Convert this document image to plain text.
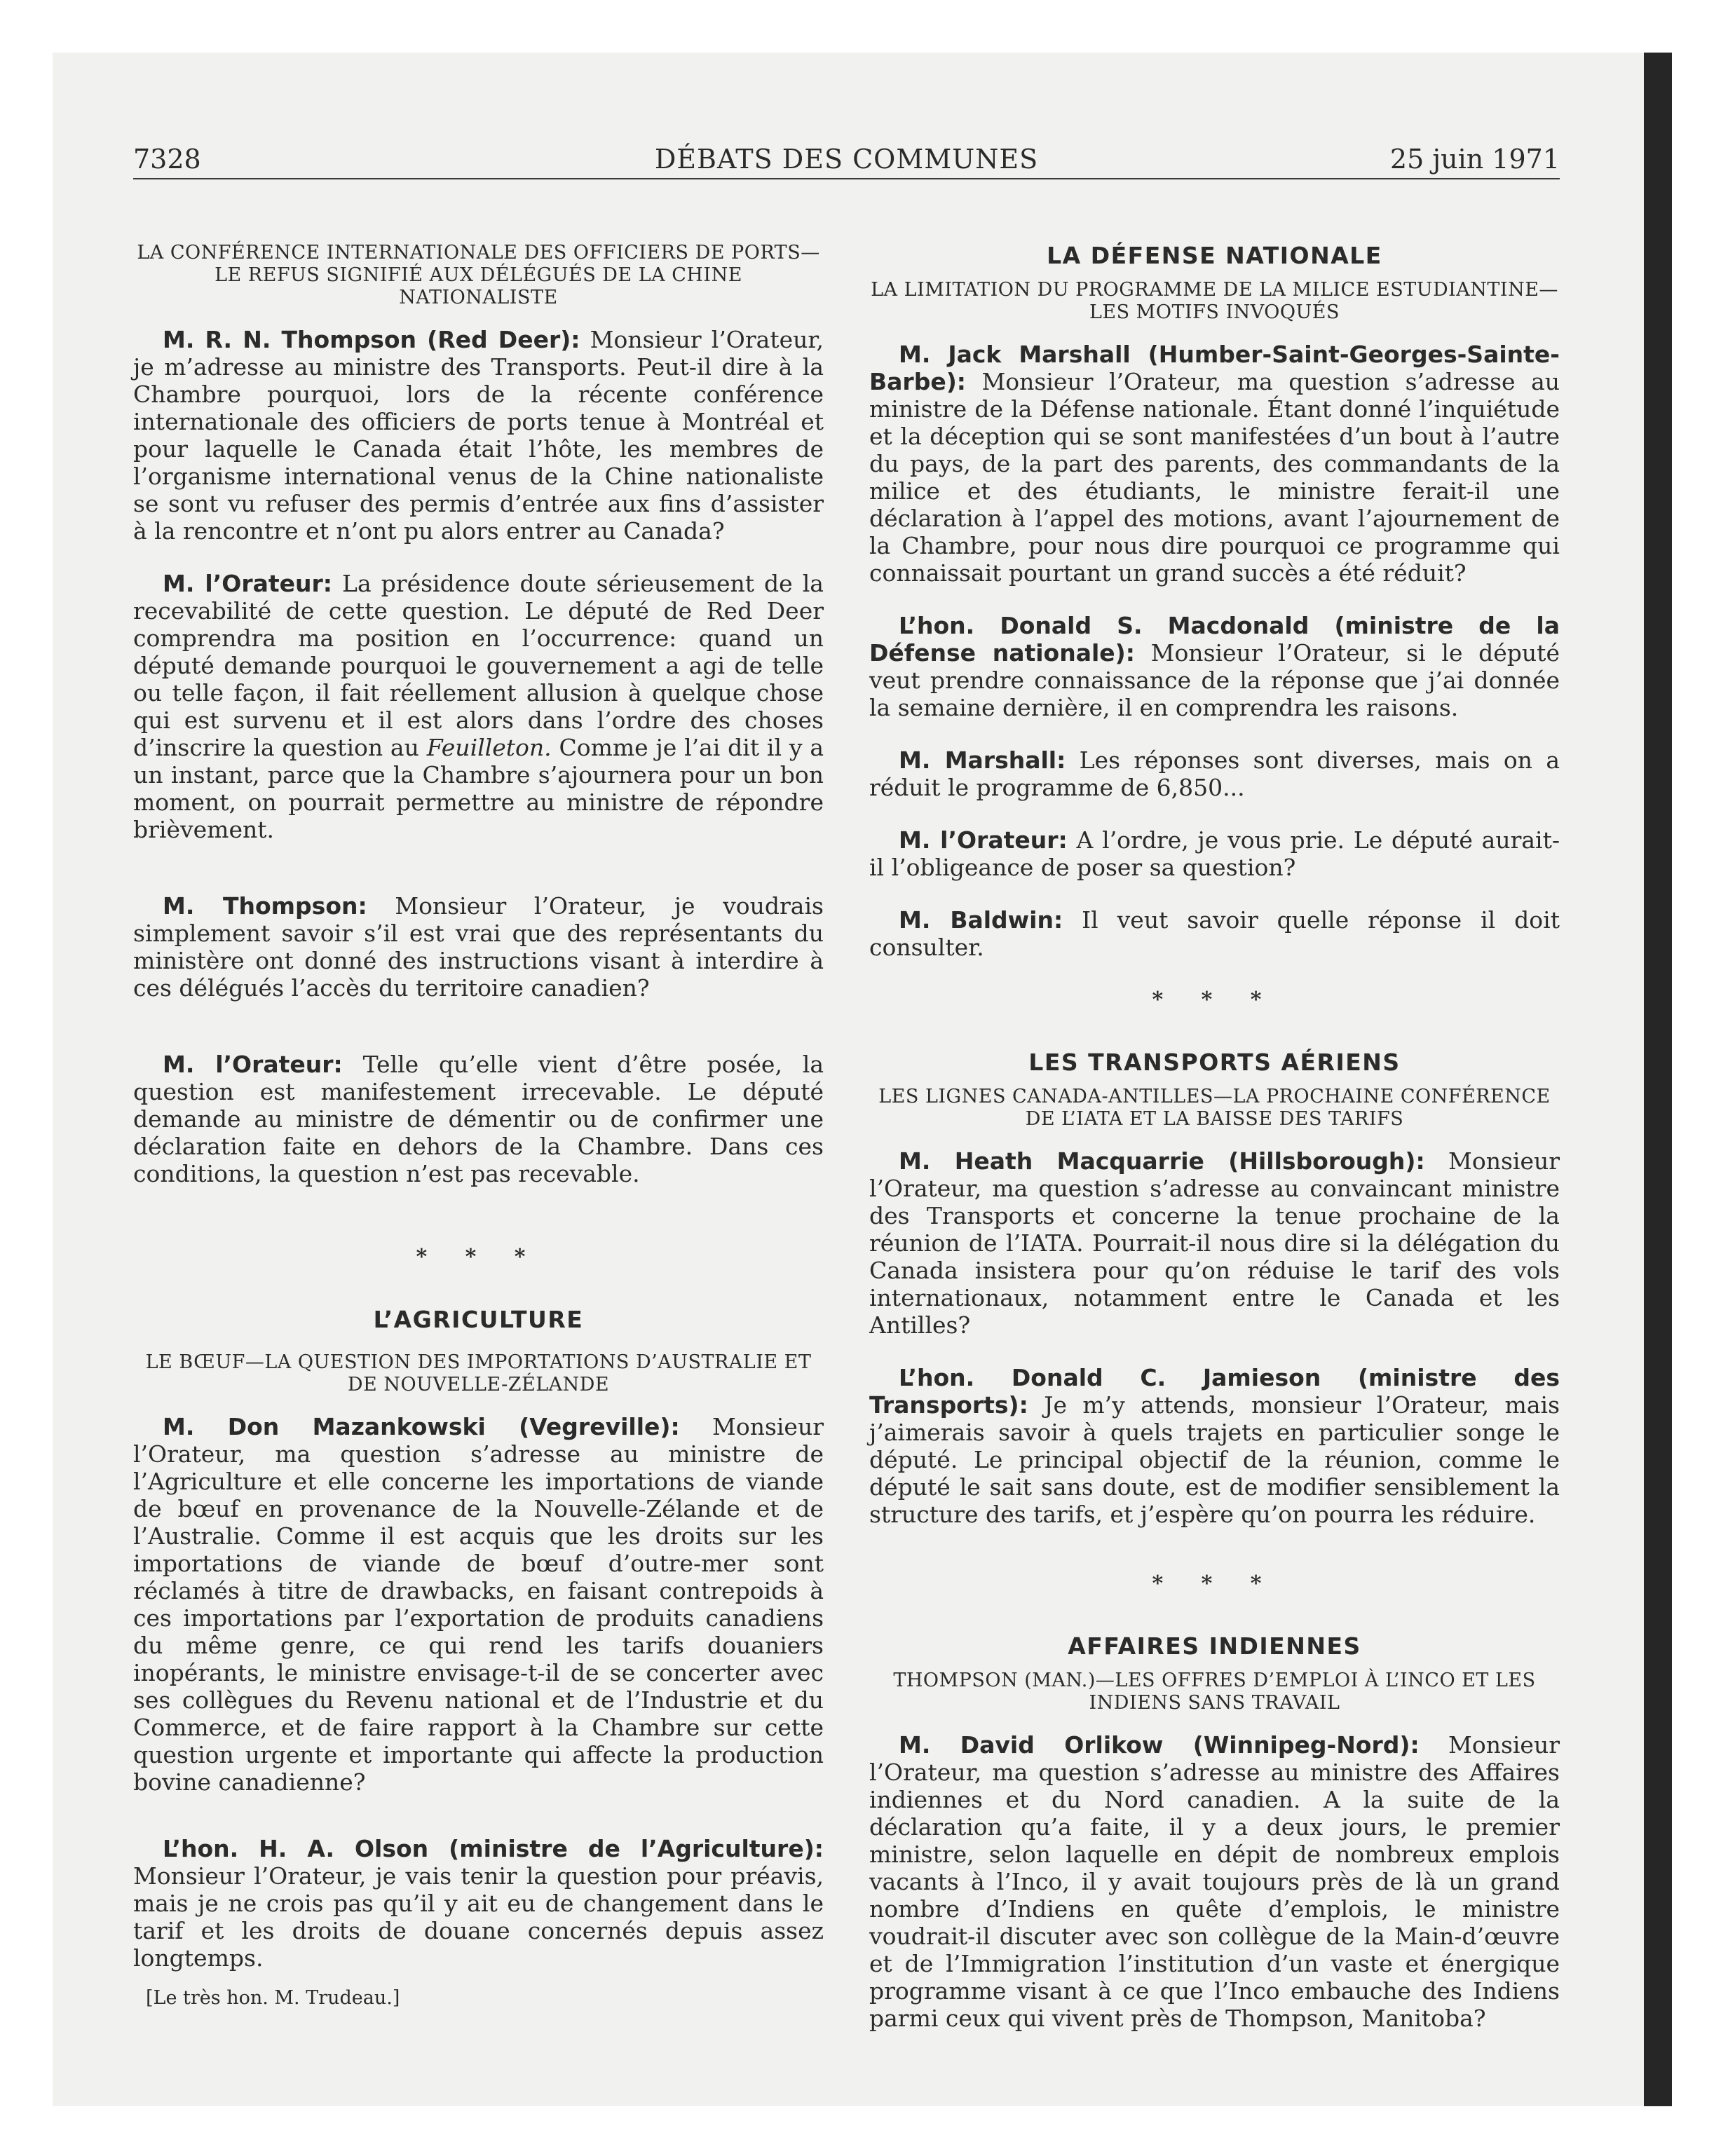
7328	DÉBATS DES COMMUNES	25 juin 1971
LA CONFÉRENCE INTERNATIONALE DES OFFICIERS DE PORTS—LE REFUS SIGNIFIÉ AUX DÉLÉGUÉS DE LA CHINE NATIONALISTE

M. R. N. Thompson (Red Deer): Monsieur l’Orateur, je m’adresse au ministre des Transports. Peut-il dire à la Chambre pourquoi, lors de la récente conférence internationale des officiers de ports tenue à Montréal et pour laquelle le Canada était l’hôte, les membres de l’organisme international venus de la Chine nationaliste se sont vu refuser des permis d’entrée aux fins d’assister à la rencontre et n’ont pu alors entrer au Canada?

M. l’Orateur: La présidence doute sérieusement de la recevabilité de cette question. Le député de Red Deer comprendra ma position en l’occurrence: quand un député demande pourquoi le gouvernement a agi de telle ou telle façon, il fait réellement allusion à quelque chose qui est survenu et il est alors dans l’ordre des choses d’inscrire la question au Feuilleton. Comme je l’ai dit il y a un instant, parce que la Chambre s’ajournera pour un bon moment, on pourrait permettre au ministre de répondre brièvement.

M. Thompson: Monsieur l’Orateur, je voudrais simplement savoir s’il est vrai que des représentants du ministère ont donné des instructions visant à interdire à ces délégués l’accès du territoire canadien?

M. l’Orateur: Telle qu’elle vient d’être posée, la question est manifestement irrecevable. Le député demande au ministre de démentir ou de confirmer une déclaration faite en dehors de la Chambre. Dans ces conditions, la question n’est pas recevable.

* * *
L’AGRICULTURE
LE BŒUF—LA QUESTION DES IMPORTATIONS D’AUSTRALIE ET DE NOUVELLE-ZÉLANDE

M. Don Mazankowski (Vegreville): Monsieur l’Orateur, ma question s’adresse au ministre de l’Agriculture et elle concerne les importations de viande de bœuf en provenance de la Nouvelle-Zélande et de l’Australie. Comme il est acquis que les droits sur les importations de viande de bœuf d’outre-mer sont réclamés à titre de drawbacks, en faisant contrepoids à ces importations par l’exportation de produits canadiens du même genre, ce qui rend les tarifs douaniers inopérants, le ministre envisage-t-il de se concerter avec ses collègues du Revenu national et de l’Industrie et du Commerce, et de faire rapport à la Chambre sur cette question urgente et importante qui affecte la production bovine canadienne?

L’hon. H. A. Olson (ministre de l’Agriculture): Monsieur l’Orateur, je vais tenir la question pour préavis, mais je ne crois pas qu’il y ait eu de changement dans le tarif et les droits de douane concernés depuis assez longtemps.

[Le très hon. M. Trudeau.]
LA DÉFENSE NATIONALE
LA LIMITATION DU PROGRAMME DE LA MILICE ESTUDIANTINE—LES MOTIFS INVOQUÉS

M. Jack Marshall (Humber-Saint-Georges-Sainte-Barbe): Monsieur l’Orateur, ma question s’adresse au ministre de la Défense nationale. Étant donné l’inquiétude et la déception qui se sont manifestées d’un bout à l’autre du pays, de la part des parents, des commandants de la milice et des étudiants, le ministre ferait-il une déclaration à l’appel des motions, avant l’ajournement de la Chambre, pour nous dire pourquoi ce programme qui connaissait pourtant un grand succès a été réduit?

L’hon. Donald S. Macdonald (ministre de la Défense nationale): Monsieur l’Orateur, si le député veut prendre connaissance de la réponse que j’ai donnée la semaine dernière, il en comprendra les raisons.

M. Marshall: Les réponses sont diverses, mais on a réduit le programme de 6,850...

M. l’Orateur: A l’ordre, je vous prie. Le député aurait-il l’obligeance de poser sa question?

M. Baldwin: Il veut savoir quelle réponse il doit consulter.

* * *
LES TRANSPORTS AÉRIENS
LES LIGNES CANADA-ANTILLES—LA PROCHAINE CONFÉRENCE DE L’IATA ET LA BAISSE DES TARIFS

M. Heath Macquarrie (Hillsborough): Monsieur l’Orateur, ma question s’adresse au convaincant ministre des Transports et concerne la tenue prochaine de la réunion de l’IATA. Pourrait-il nous dire si la délégation du Canada insistera pour qu’on réduise le tarif des vols internationaux, notamment entre le Canada et les Antilles?

L’hon. Donald C. Jamieson (ministre des Transports): Je m’y attends, monsieur l’Orateur, mais j’aimerais savoir à quels trajets en particulier songe le député. Le principal objectif de la réunion, comme le député le sait sans doute, est de modifier sensiblement la structure des tarifs, et j’espère qu’on pourra les réduire.

* * *
AFFAIRES INDIENNES
THOMPSON (MAN.)—LES OFFRES D’EMPLOI À L’INCO ET LES INDIENS SANS TRAVAIL

M. David Orlikow (Winnipeg-Nord): Monsieur l’Orateur, ma question s’adresse au ministre des Affaires indiennes et du Nord canadien. A la suite de la déclaration qu’a faite, il y a deux jours, le premier ministre, selon laquelle en dépit de nombreux emplois vacants à l’Inco, il y avait toujours près de là un grand nombre d’Indiens en quête d’emplois, le ministre voudrait-il discuter avec son collègue de la Main-d’œuvre et de l’Immigration l’institution d’un vaste et énergique programme visant à ce que l’Inco embauche des Indiens parmi ceux qui vivent près de Thompson, Manitoba?
